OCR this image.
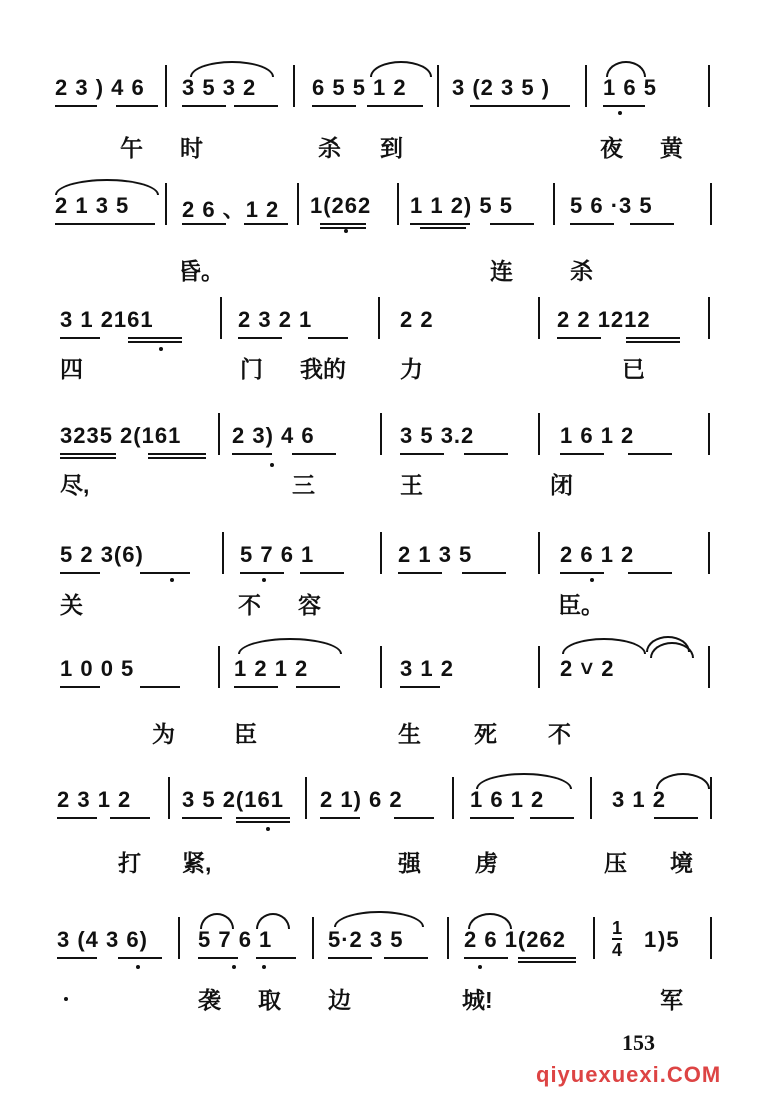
2 3 ) 4 6 3 5 3 2	6 5 5 1 2 3 (2 3 5 ) 1 6 5
午 时	杀 到	夜 黄
2 1 3 5 2 6 、1 2 1(262 1 1 2) 5 5	5 6 ·3 5
昏。	连 杀
3 1 2161	2 3 2 1	2 2	2 2 1212
四	门 我的 力	已
3235 2(161 2 3) 4 6	3 5 3.2	1 6 1 2
尽,	三	王	闭
5 2 3(6)	5 7 6 1	2 1 3 5	2 6 1 2
关	不 容	臣。
1 0 0 5	1 2 1 2	3 1 2	2 ˅ 2
为	臣	生 死 不
2 3 1 2 3 5 2(161 2 1) 6 2	1 6 1 2	3 1 2
打 紧,	强 虏	压 境
3 (4 3 6) 5 7 6 1	5·2 3 5	2 6 1(262	1
4 1 )5
袭 取 边	城!	军
153
qiyuexuexi.COM
